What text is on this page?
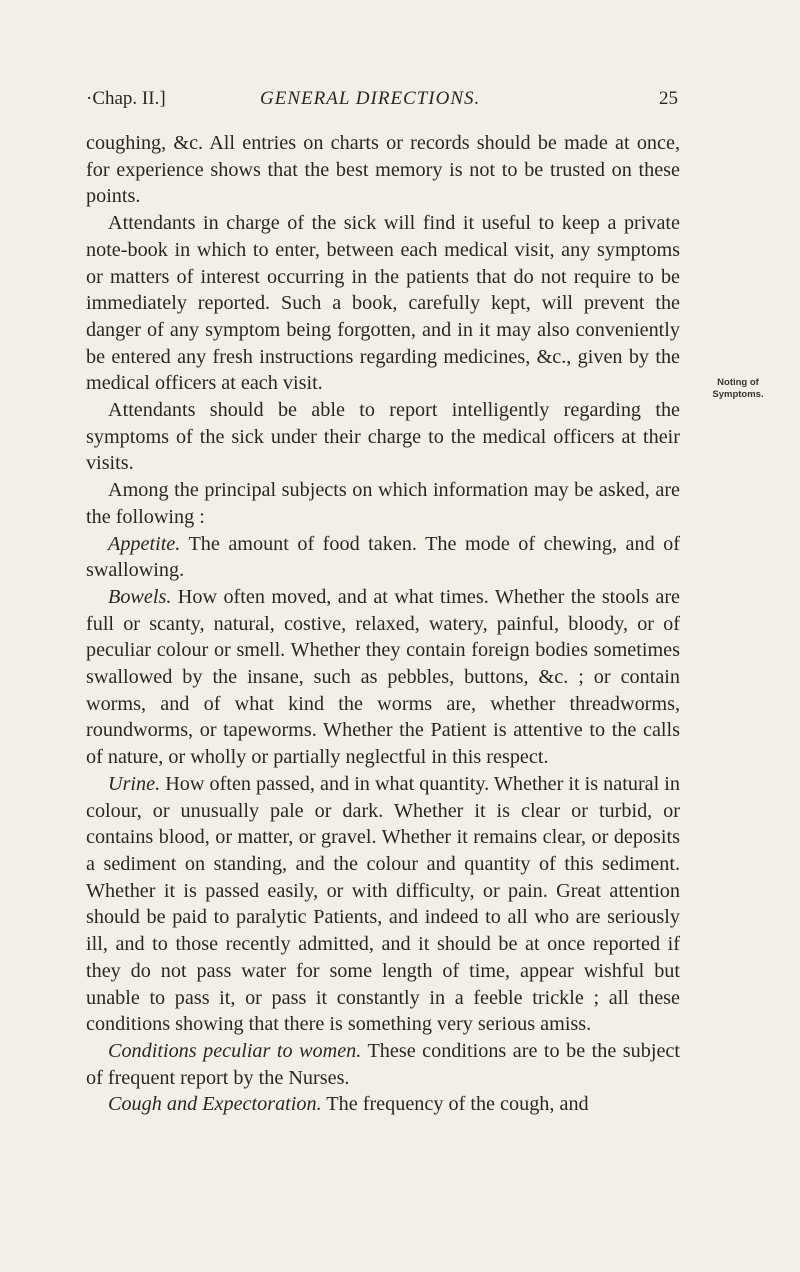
·Chap. II.]	GENERAL DIRECTIONS.	25

coughing, &c. All entries on charts or records should be made at once, for experience shows that the best memory is not to be trusted on these points.

Attendants in charge of the sick will find it useful to keep a private note-book in which to enter, between each medical visit, any symptoms or matters of interest occurring in the patients that do not require to be immediately reported. Such a book, carefully kept, will prevent the danger of any symptom being forgotten, and in it may also conveniently be entered any fresh instructions regarding medicines, &c., given by the medical officers at each visit.

Attendants should be able to report intelligently regarding the symptoms of the sick under their charge to the medical officers at their visits.

Among the principal subjects on which information may be asked, are the following :

Appetite. The amount of food taken. The mode of chewing, and of swallowing.

Bowels. How often moved, and at what times. Whether the stools are full or scanty, natural, costive, relaxed, watery, painful, bloody, or of peculiar colour or smell. Whether they contain foreign bodies sometimes swallowed by the insane, such as pebbles, buttons, &c. ; or contain worms, and of what kind the worms are, whether threadworms, roundworms, or tapeworms. Whether the Patient is attentive to the calls of nature, or wholly or partially neglectful in this respect.

Urine. How often passed, and in what quantity. Whether it is natural in colour, or unusually pale or dark. Whether it is clear or turbid, or contains blood, or matter, or gravel. Whether it remains clear, or deposits a sediment on standing, and the colour and quantity of this sediment. Whether it is passed easily, or with difficulty, or pain. Great attention should be paid to paralytic Patients, and indeed to all who are seriously ill, and to those recently admitted, and it should be at once reported if they do not pass water for some length of time, appear wishful but unable to pass it, or pass it constantly in a feeble trickle ; all these conditions showing that there is something very serious amiss.

Conditions peculiar to women. These conditions are to be the subject of frequent report by the Nurses.

Cough and Expectoration. The frequency of the cough, and

Noting of
Symptoms.
